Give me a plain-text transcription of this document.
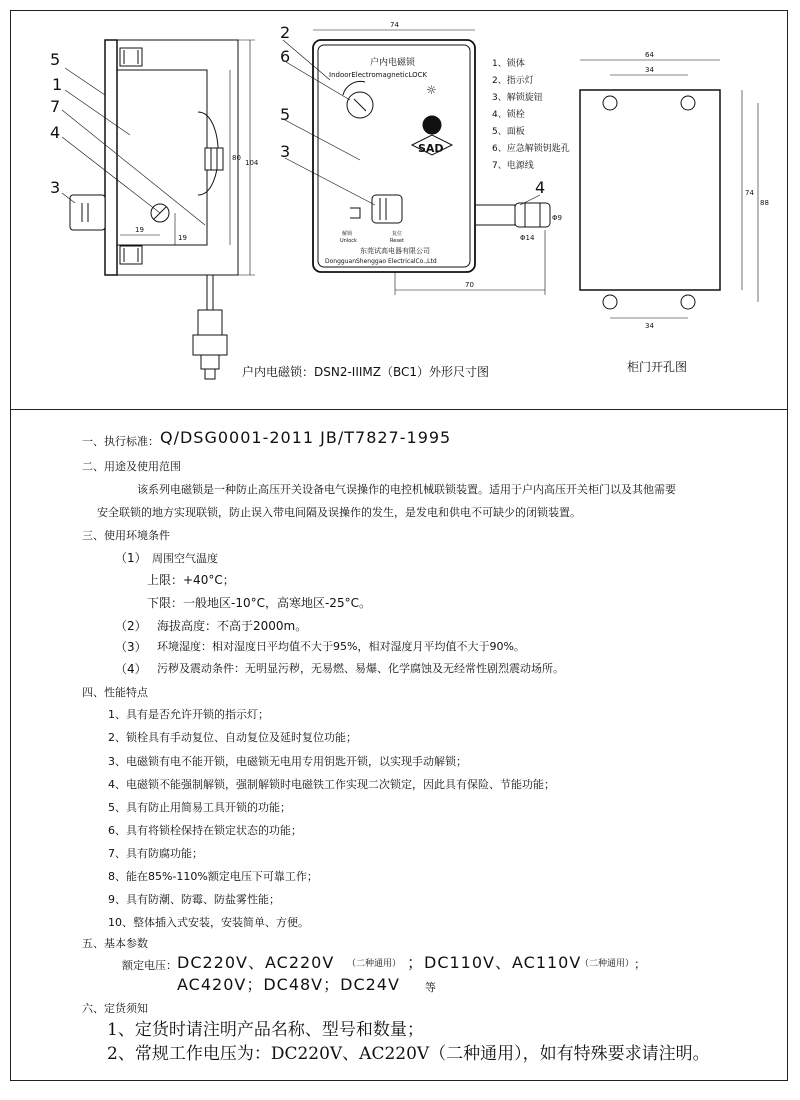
5
1
7
4
3
2
6
5
3
4
80
104
19
19
74
70
Φ9
Φ14
64
34
34
74
88
户内电磁锁
IndoorElectromagneticLOCK
☼
SAD
解锁
Unlock
复位
Reset
东莞试高电器有限公司
DongguanShenggao ElectricalCo.,Ltd
1、锁体
2、指示灯
3、解锁旋钮
4、锁栓
5、面板
6、应急解锁钥匙孔
7、电源线
户内电磁锁：DSN2-IIIMZ（BC1）外形尺寸图	柜门开孔图
一、执行标准： Q/DSG0001-2011 JB/T7827-1995
二、用途及使用范围
该系列电磁锁是一种防止高压开关设备电气误操作的电控机械联锁装置。适用于户内高压开关柜门以及其他需要
安全联锁的地方实现联锁，防止误入带电间隔及误操作的发生，是发电和供电不可缺少的闭锁装置。
三、使用环境条件
（1） 周围空气温度
上限：+40°C；
下限：一般地区-10°C，高寒地区-25°C。
（2） 海拔高度：不高于2000m。
（3） 环境湿度：相对湿度日平均值不大于95%，相对湿度月平均值不大于90%。
（4） 污秽及震动条件：无明显污秽，无易燃、易爆、化学腐蚀及无经常性剧烈震动场所。
四、性能特点
1、具有是否允许开锁的指示灯；
2、锁栓具有手动复位、自动复位及延时复位功能；
3、电磁锁有电不能开锁，电磁锁无电用专用钥匙开锁，以实现手动解锁；
4、电磁锁不能强制解锁，强制解锁时电磁铁工作实现二次锁定，因此具有保险、节能功能；
5、具有防止用简易工具开锁的功能；
6、具有将锁栓保持在锁定状态的功能；
7、具有防腐功能；
8、能在85%-110%额定电压下可靠工作；
9、具有防潮、防霉、防盐雾性能；
10、整体插入式安装，安装简单、方便。
五、基本参数
额定电压： DC220V、AC220V （二种通用） ；DC110V、AC110V
（二种通用） ；
AC420V；DC48V；DC24V 等
六、定货须知
1、定货时请注明产品名称、型号和数量；
2、常规工作电压为：DC220V、AC220V（二种通用），如有特殊要求请注明。
